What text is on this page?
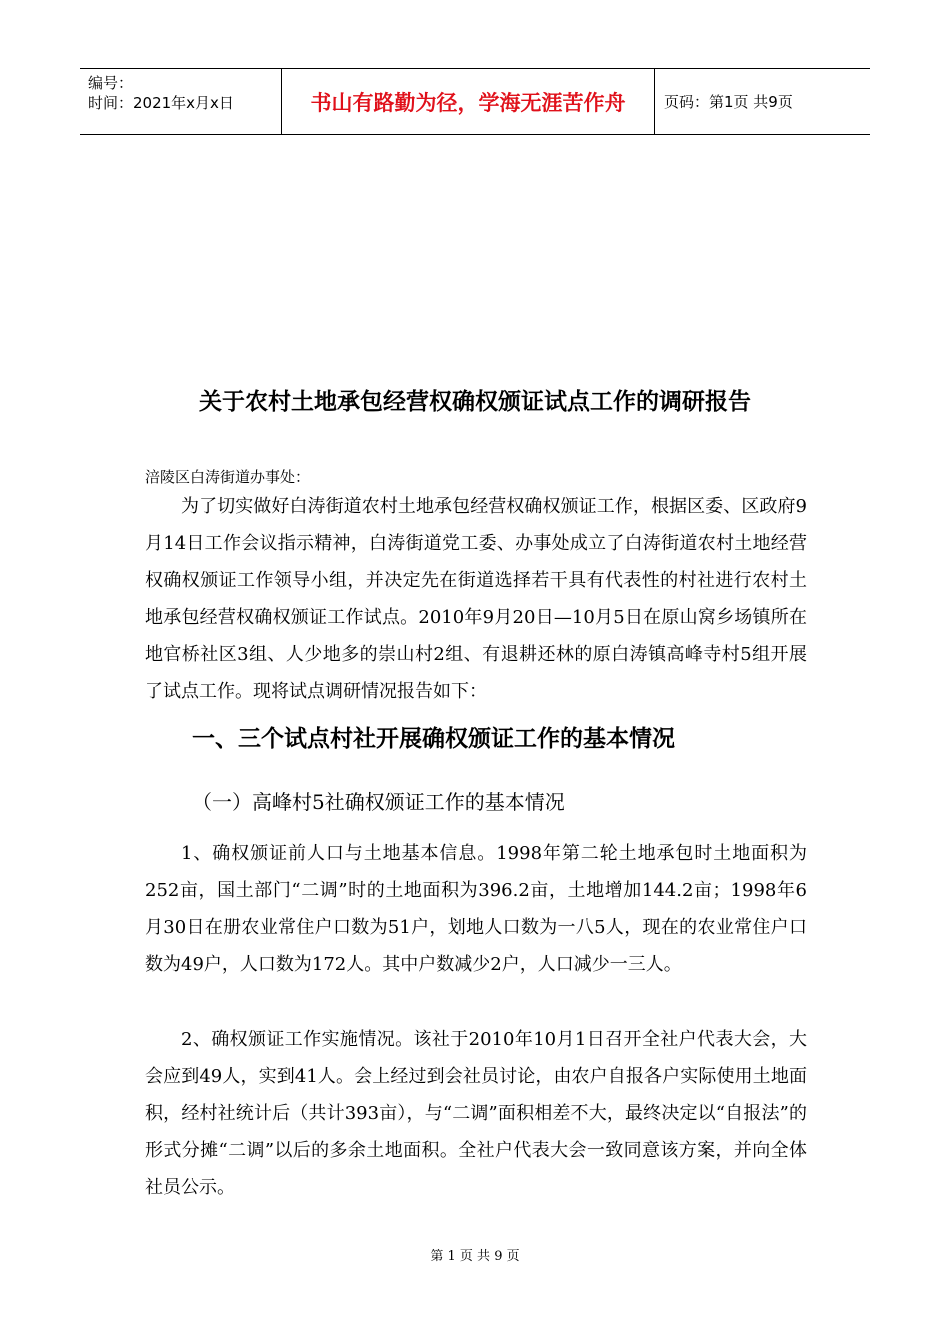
编号：
时间：2021年x月x日	书山有路勤为径，学海无涯苦作舟	页码：第1页 共9页
关于农村土地承包经营权确权颁证试点工作的调研报告
涪陵区白涛街道办事处：
为了切实做好白涛街道农村土地承包经营权确权颁证工作，根据区委、区政府9月14日工作会议指示精神，白涛街道党工委、办事处成立了白涛街道农村土地经营权确权颁证工作领导小组，并决定先在街道选择若干具有代表性的村社进行农村土地承包经营权确权颁证工作试点。2010年9月20日—10月5日在原山窝乡场镇所在地官桥社区3组、人少地多的崇山村2组、有退耕还林的原白涛镇高峰寺村5组开展了试点工作。现将试点调研情况报告如下：
一、三个试点村社开展确权颁证工作的基本情况
（一）高峰村5社确权颁证工作的基本情况
1、确权颁证前人口与土地基本信息。1998年第二轮土地承包时土地面积为252亩，国土部门“二调”时的土地面积为396.2亩，土地增加144.2亩；1998年6月30日在册农业常住户口数为51户，划地人口数为一八5人，现在的农业常住户口数为49户，人口数为172人。其中户数减少2户，人口减少一三人。
2、确权颁证工作实施情况。该社于2010年10月1日召开全社户代表大会，大会应到49人，实到41人。会上经过到会社员讨论，由农户自报各户实际使用土地面积，经村社统计后（共计393亩），与“二调”面积相差不大，最终决定以“自报法”的形式分摊“二调”以后的多余土地面积。全社户代表大会一致同意该方案，并向全体社员公示。
第 1 页 共 9 页
